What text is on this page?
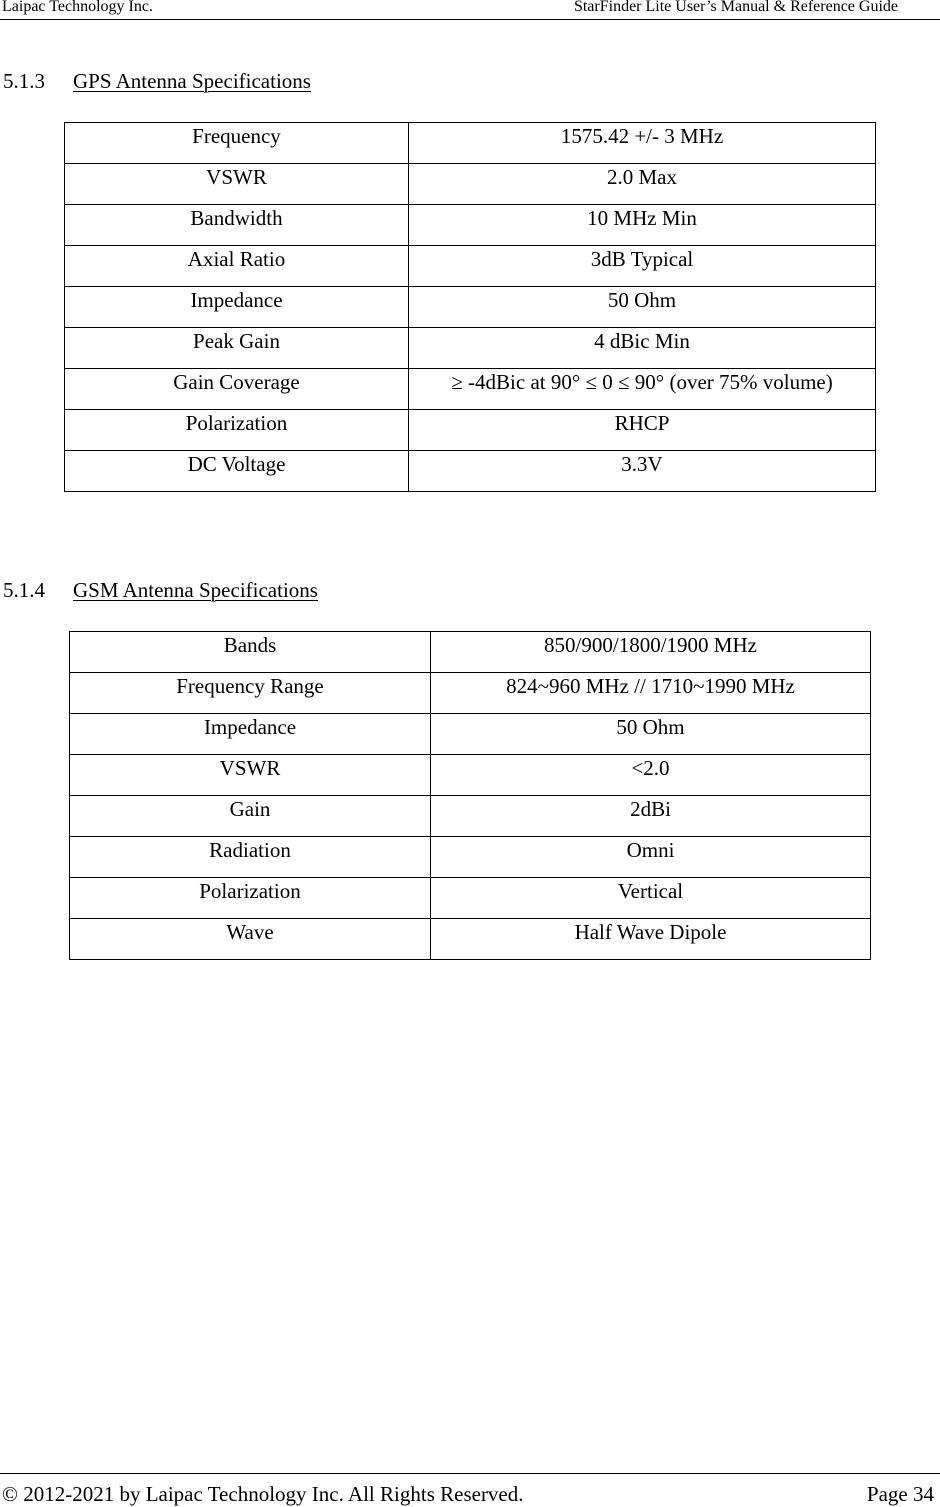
Laipac Technology Inc.	StarFinder Lite User’s Manual & Reference Guide
5.1.3 GPS Antenna Specifications
Frequency	1575.42 +/- 3 MHz
VSWR	2.0 Max
Bandwidth	10 MHz Min
Axial Ratio	3dB Typical
Impedance	50 Ohm
Peak Gain	4 dBic Min
Gain Coverage	≥ -4dBic at 90° ≤ 0 ≤ 90° (over 75% volume)
Polarization	RHCP
DC Voltage	3.3V
5.1.4 GSM Antenna Specifications
Bands	850/900/1800/1900 MHz
Frequency Range	824~960 MHz // 1710~1990 MHz
Impedance	50 Ohm
VSWR	<2.0
Gain	2dBi
Radiation	Omni
Polarization	Vertical
Wave	Half Wave Dipole
© 2012-2021 by Laipac Technology Inc. All Rights Reserved.	Page 34
